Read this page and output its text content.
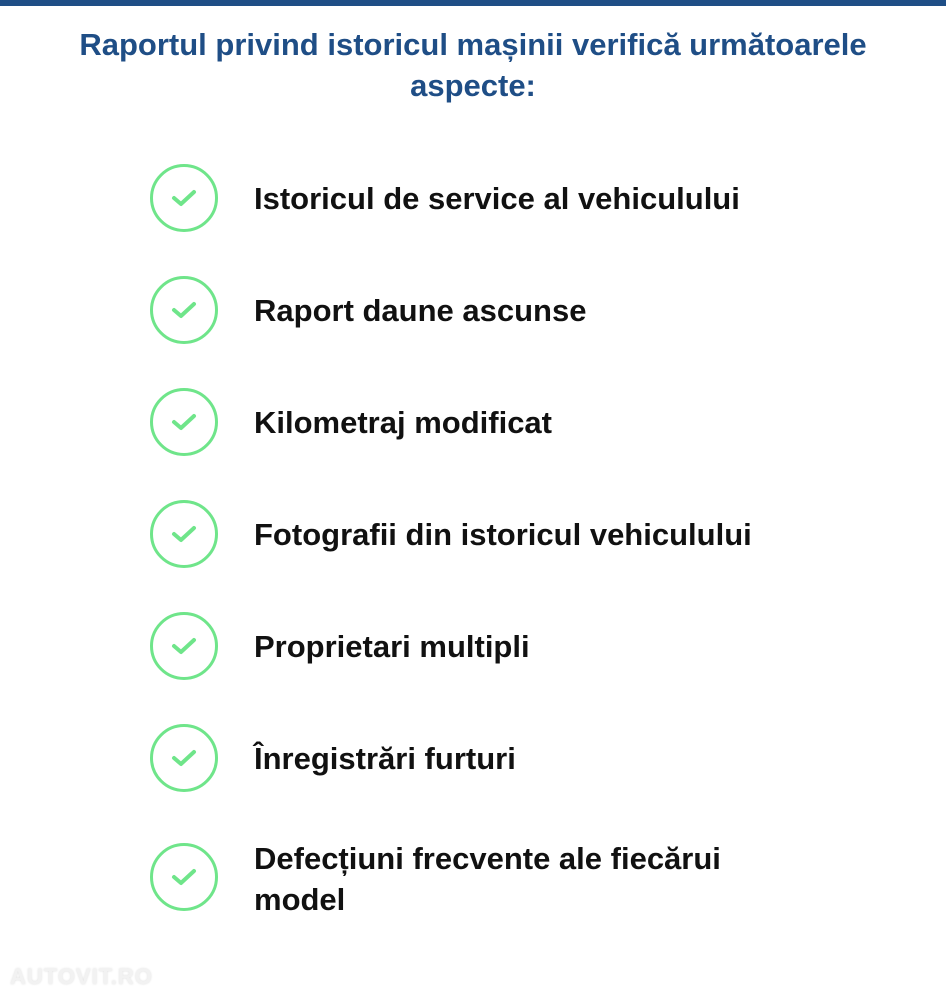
Raportul privind istoricul mașinii verifică următoarele aspecte:
Istoricul de service al vehiculului
Raport daune ascunse
Kilometraj modificat
Fotografii din istoricul vehiculului
Proprietari multipli
Înregistrări furturi
Defecțiuni frecvente ale fiecărui model
AUTOVIT.RO
